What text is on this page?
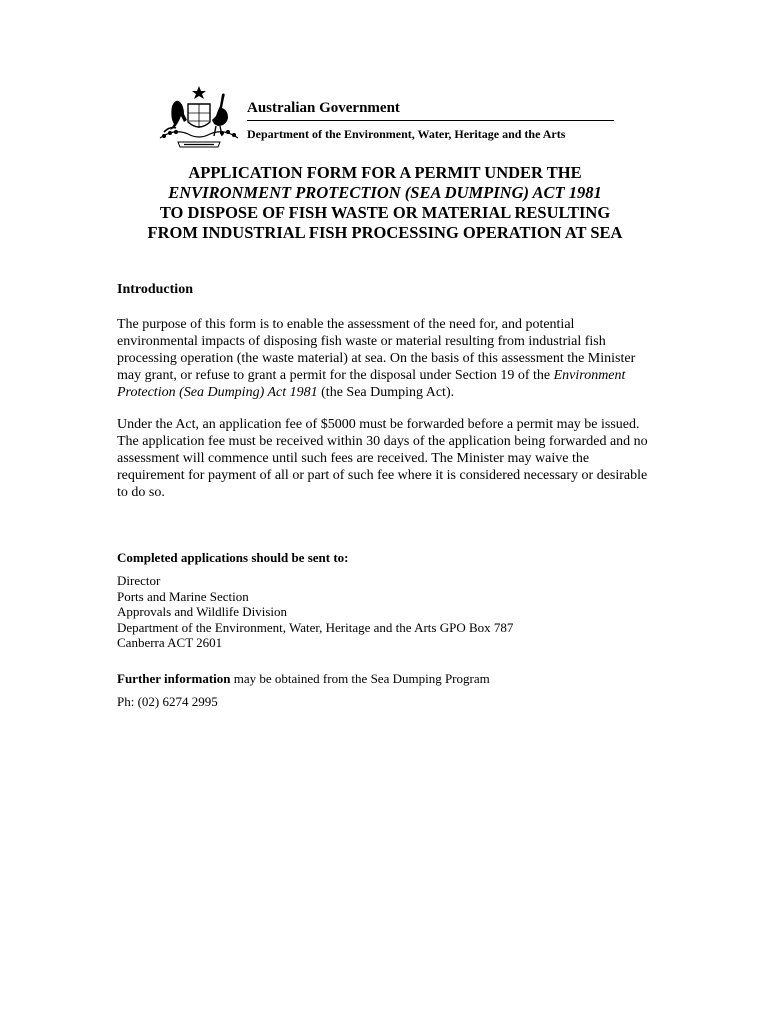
Australian Government
Department of the Environment, Water, Heritage and the Arts
APPLICATION FORM FOR A PERMIT UNDER THE
ENVIRONMENT PROTECTION (SEA DUMPING) ACT 1981
TO DISPOSE OF FISH WASTE OR MATERIAL RESULTING
FROM INDUSTRIAL FISH PROCESSING OPERATION AT SEA
Introduction
The purpose of this form is to enable the assessment of the need for, and potential environmental impacts of disposing fish waste or material resulting from industrial fish processing operation (the waste material) at sea. On the basis of this assessment the Minister may grant, or refuse to grant a permit for the disposal under Section 19 of the Environment Protection (Sea Dumping) Act 1981 (the Sea Dumping Act).
Under the Act, an application fee of $5000 must be forwarded before a permit may be issued. The application fee must be received within 30 days of the application being forwarded and no assessment will commence until such fees are received. The Minister may waive the requirement for payment of all or part of such fee where it is considered necessary or desirable to do so.
Completed applications should be sent to:
Director
Ports and Marine Section
Approvals and Wildlife Division
Department of the Environment, Water, Heritage and the Arts GPO Box 787
Canberra ACT 2601
Further information may be obtained from the Sea Dumping Program
Ph: (02) 6274 2995
